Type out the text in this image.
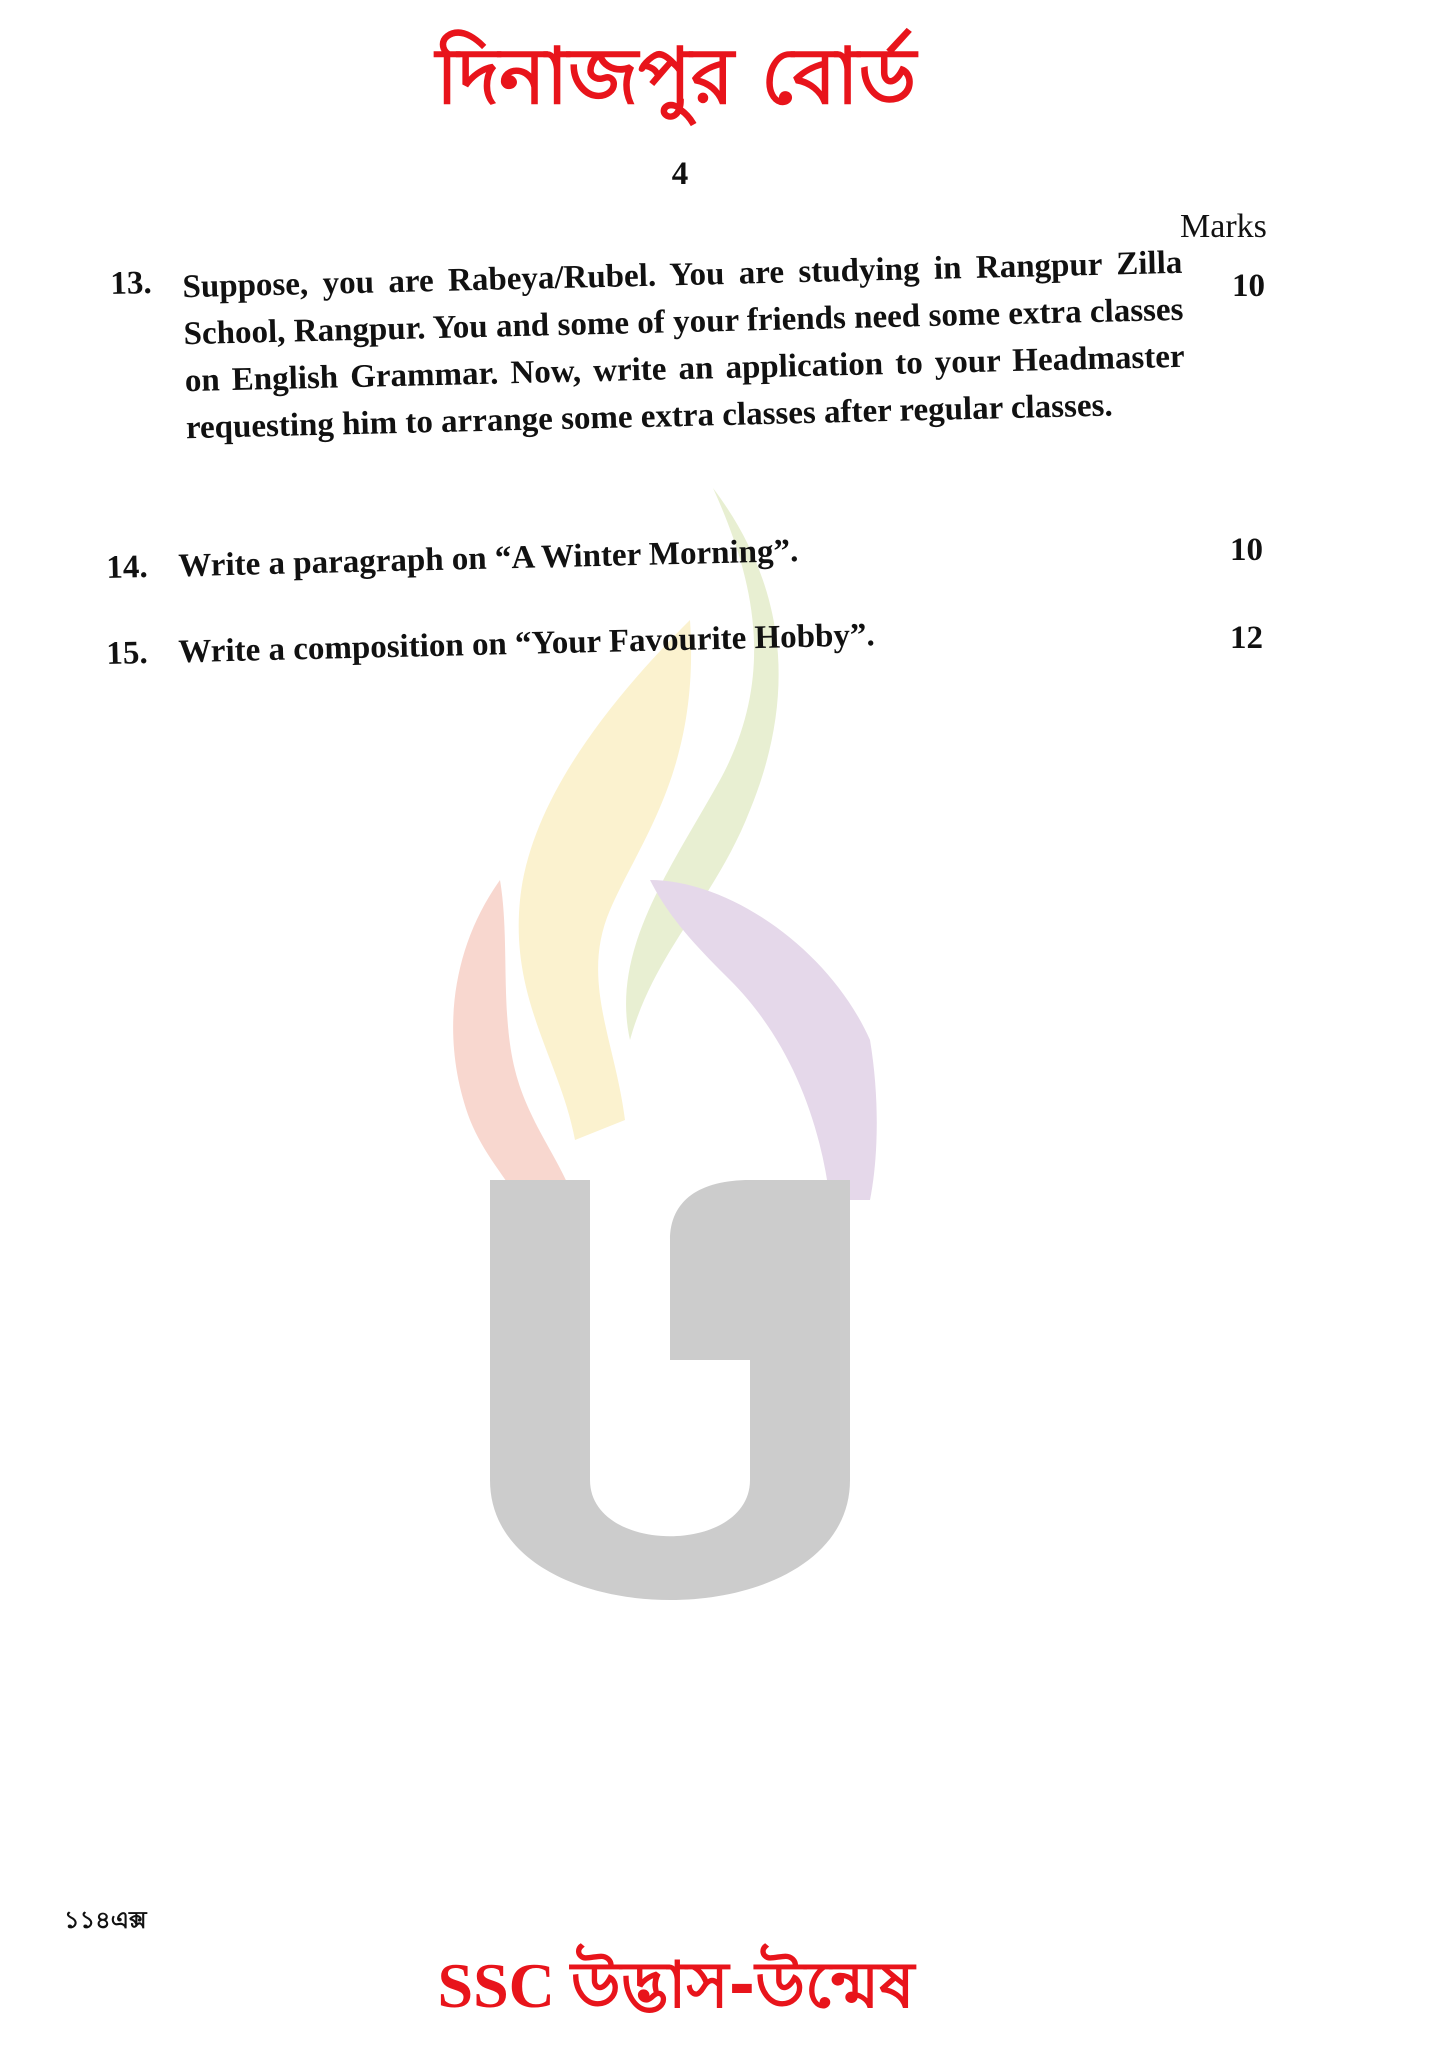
দিনাজপুর বোর্ড
4
Marks
13. Suppose, you are Rabeya/Rubel. You are studying in Rangpur Zilla School, Rangpur. You and some of your friends need some extra classes on English Grammar. Now, write an application to your Headmaster requesting him to arrange some extra classes after regular classes.
10
14. Write a paragraph on “A Winter Morning”.	10
15. Write a composition on “Your Favourite Hobby”.	12
১১৪এক্স
SSC উদ্ভাস-উন্মেষ
